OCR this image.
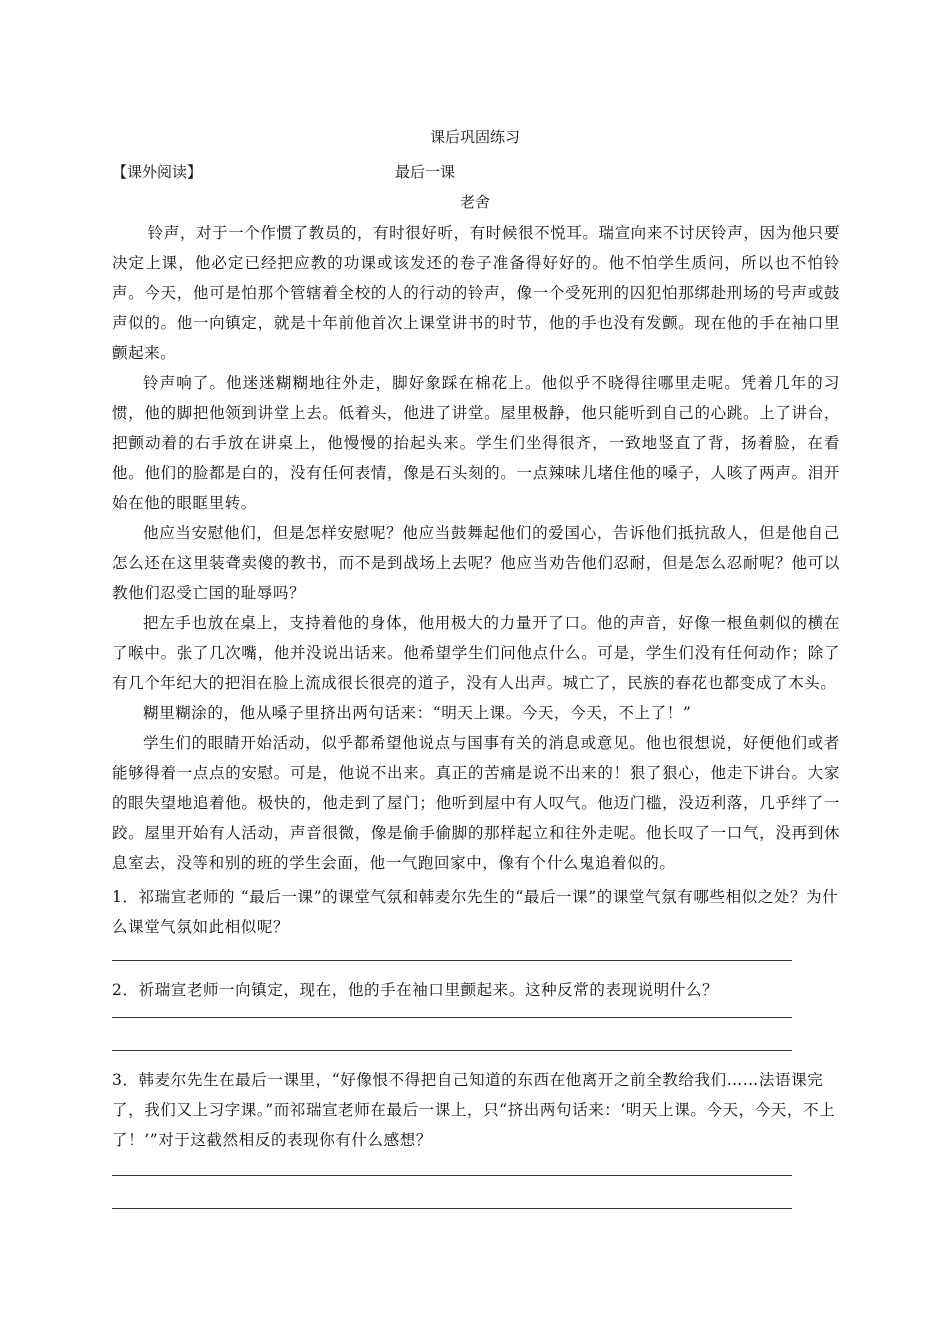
课后巩固练习
【课外阅读】	最后一课
老舍

铃声，对于一个作惯了教员的，有时很好听，有时候很不悦耳。瑞宣向来不讨厌铃声，因为他只要决定上课，他必定已经把应教的功课或该发还的卷子准备得好好的。他不怕学生质问，所以也不怕铃声。今天，他可是怕那个管辖着全校的人的行动的铃声，像一个受死刑的囚犯怕那绑赴刑场的号声或鼓声似的。他一向镇定，就是十年前他首次上课堂讲书的时节，他的手也没有发颤。现在他的手在袖口里颤起来。

铃声响了。他迷迷糊糊地往外走，脚好象踩在棉花上。他似乎不晓得往哪里走呢。凭着几年的习惯，他的脚把他领到讲堂上去。低着头，他进了讲堂。屋里极静，他只能听到自己的心跳。上了讲台，把颤动着的右手放在讲桌上，他慢慢的抬起头来。学生们坐得很齐，一致地竖直了背，扬着脸，在看他。他们的脸都是白的，没有任何表情，像是石头刻的。一点辣味儿堵住他的嗓子，人咳了两声。泪开始在他的眼眶里转。

他应当安慰他们，但是怎样安慰呢？他应当鼓舞起他们的爱国心，告诉他们抵抗敌人，但是他自己怎么还在这里装聋卖傻的教书，而不是到战场上去呢？他应当劝告他们忍耐，但是怎么忍耐呢？他可以教他们忍受亡国的耻辱吗？

把左手也放在桌上，支持着他的身体，他用极大的力量开了口。他的声音，好像一根鱼刺似的横在了喉中。张了几次嘴，他并没说出话来。他希望学生们问他点什么。可是，学生们没有任何动作；除了有几个年纪大的把泪在脸上流成很长很亮的道子，没有人出声。城亡了，民族的春花也都变成了木头。

糊里糊涂的，他从嗓子里挤出两句话来：“明天上课。今天，今天，不上了！”

学生们的眼睛开始活动，似乎都希望他说点与国事有关的消息或意见。他也很想说，好便他们或者能够得着一点点的安慰。可是，他说不出来。真正的苦痛是说不出来的！狠了狠心，他走下讲台。大家的眼失望地追着他。极快的，他走到了屋门；他听到屋中有人叹气。他迈门槛，没迈利落，几乎绊了一跤。屋里开始有人活动，声音很微，像是偷手偷脚的那样起立和往外走呢。他长叹了一口气，没再到休息室去，没等和别的班的学生会面，他一气跑回家中，像有个什么鬼追着似的。

1．祁瑞宣老师的 “最后一课”的课堂气氛和韩麦尔先生的“最后一课”的课堂气氛有哪些相似之处？为什么课堂气氛如此相似呢？

2．祈瑞宣老师一向镇定，现在，他的手在袖口里颤起来。这种反常的表现说明什么？

3．韩麦尔先生在最后一课里，“好像恨不得把自己知道的东西在他离开之前全教给我们……法语课完了，我们又上习字课。”而祁瑞宣老师在最后一课上，只“挤出两句话来：‘明天上课。今天，今天，不上了！’”对于这截然相反的表现你有什么感想？
